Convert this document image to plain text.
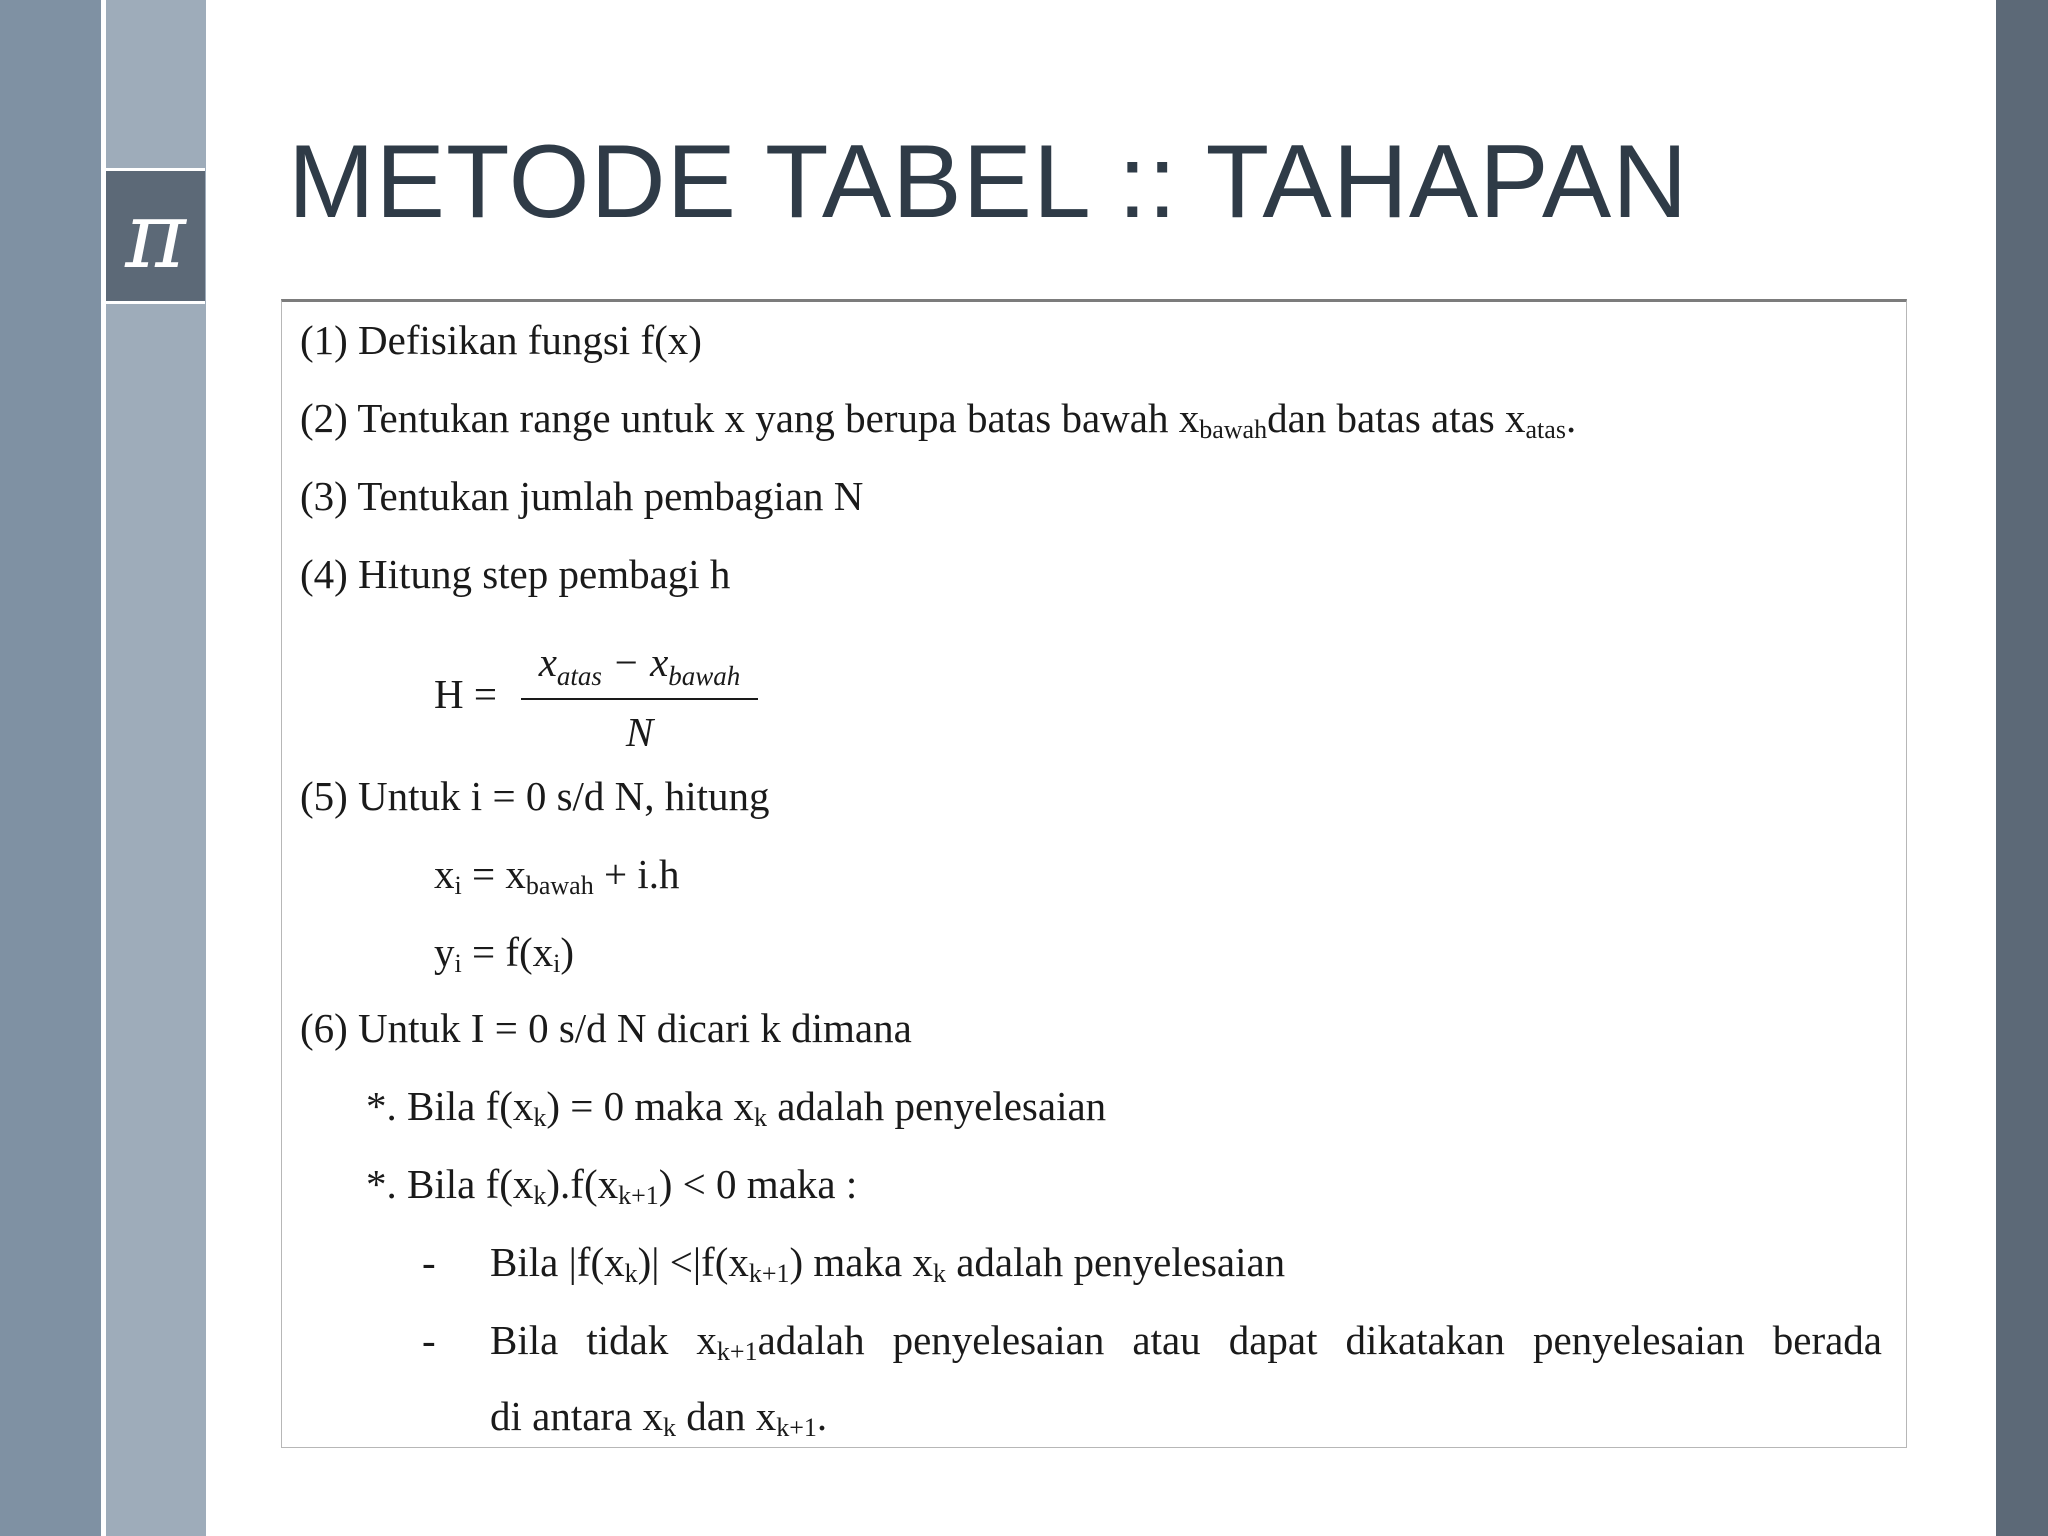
π METODE TABEL :: TAHAPAN
(1) Defisikan fungsi f(x)
(2) Tentukan range untuk x yang berupa batas bawah $x_{bawah}dan$ batas atas $x_{atas}$.
(3) Tentukan jumlah pembagian N
(4) Hitung step pembagi h
H =
$x_{atas} - x_{bawah}$
N
(5) Untuk i = 0 s/d N, hitung
$x_i = x_{bawah} + i.h$
$y_i = f(x_i)$
(6) Untuk I = 0 s/d N dicari k dimana
*. Bila $f(x_k) = 0$ maka $x_k$ adalah penyelesaian
*. Bila $f(x_k).f(x_{k+1}) < 0$ maka :
- Bila $|f(x_k)| <|f(x_{k+1})$ maka $x_k$ adalah penyelesaian
- Bila tidak $x_{k+1}adalah$ penyelesaian atau dapat dikatakan penyelesaian berada
di antara $x_k$ dan $x_{k+1}$.
